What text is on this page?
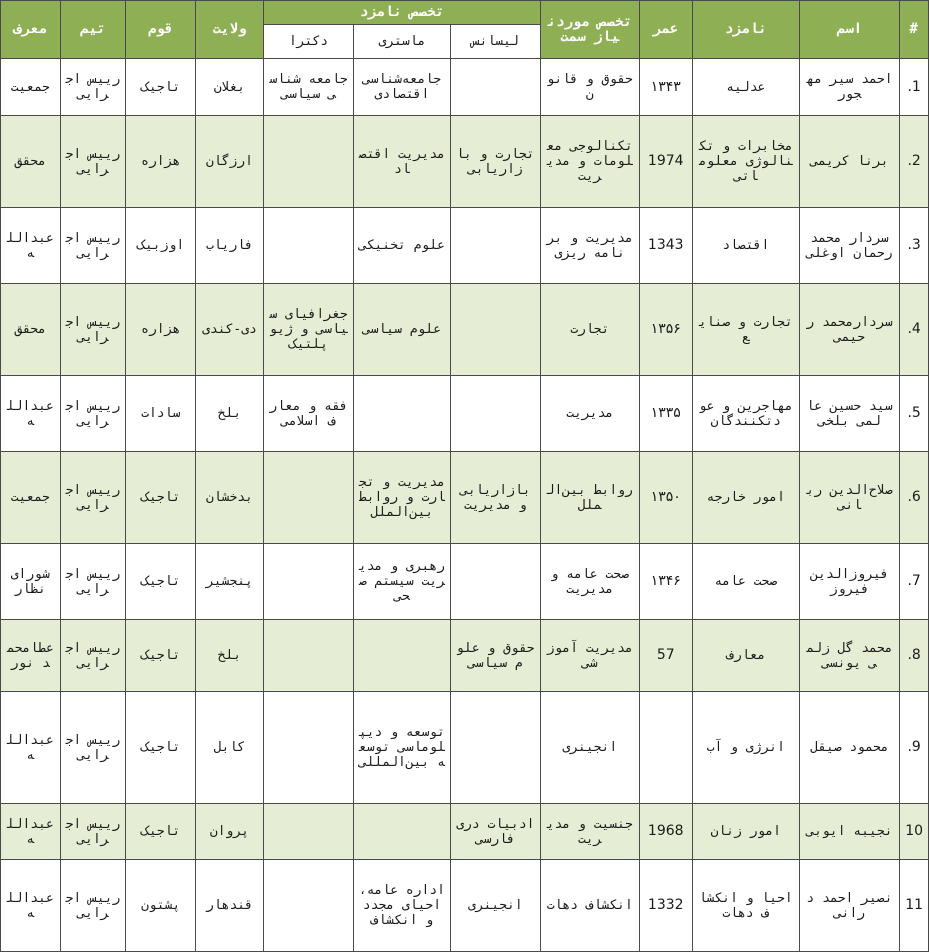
#	اسم	نامزد	عمر	تخصص موردنیاز سمت	تخصص نامزد			ولایت	قوم	تیم	معرف
					لیسانس	ماستری	دکترا				
1.	احمد سیر مهجور	عدلیه	۱۳۴۳	حقوق و قانون		جامعه‌شناسی اقتصادی	جامعه شناسی سیاسی	بغلان	تاجیک	رییس اجرایی	جمعیت
2.	برنا کریمی	مخابرات و تکنالوژی معلوماتی	1974	تکنالوجی معلومات و مدیریت	تجارت و بازاریابی	مدیریت اقتصاد		ارزگان	هزاره	رییس اجرایی	محقق
3.	سردار محمد رحمان اوغلی	اقتصاد	1343	مدیریت و برنامه ریزی		علوم تخنیکی		فاریاب	اوزبیک	رییس اجرایی	عبدالله
4.	سردارمحمد رحیمی	تجارت و صنایع	۱۳۵۶	تجارت		علوم سیاسی	جغرافیای سیاسی و ژیوپلتیک	دی-کندی	هزاره	رییس اجرایی	محقق
5.	سید حسین عالمی بلخی	مهاجرین و عودتکنندگان	۱۳۳۵	مدیریت			فقه و معارف اسلامی	بلخ	سادات	رییس اجرایی	عبدالله
6.	صلاح‌الدین ربانی	امور خارجه	۱۳۵۰	روابط بین‌الملل	بازاریابی و مدیریت	مدیریت و تجارت و روابط بین‌الملل		بدخشان	تاجیک	رییس اجرایی	جمعیت
7.	فیروزالدین فیروز	صحت عامه	۱۳۴۶	صحت عامه و مدیریت		رهبری و مدیریت سیستم صحی		پنجشیر	تاجیک	رییس اجرایی	شورای نظار
8.	محمد گل زلمی یونسی	معارف	57	مدیریت آموزشی	حقوق و علوم سیاسی			بلخ	تاجیک	رییس اجرایی	عطامحمد نور
9.	محمود صیقل	انرژی و آب		انجینری		توسعه و دیپلوماسی توسعه بین‌المللی		کابل	تاجیک	رییس اجرایی	عبدالله
10	نجیبه ایوبی	امور زنان	1968	جنسیت و مدیریت	ادبیات دری فارسی			پروان	تاجیک	رییس اجرایی	عبدالله
11	نصیر احمد درانی	احیا و انکشاف دهات	1332	انکشاف دهات	انجینری	اداره عامه، احیای مجدد و انکشاف		قندهار	پشتون	رییس اجرایی	عبدالله
